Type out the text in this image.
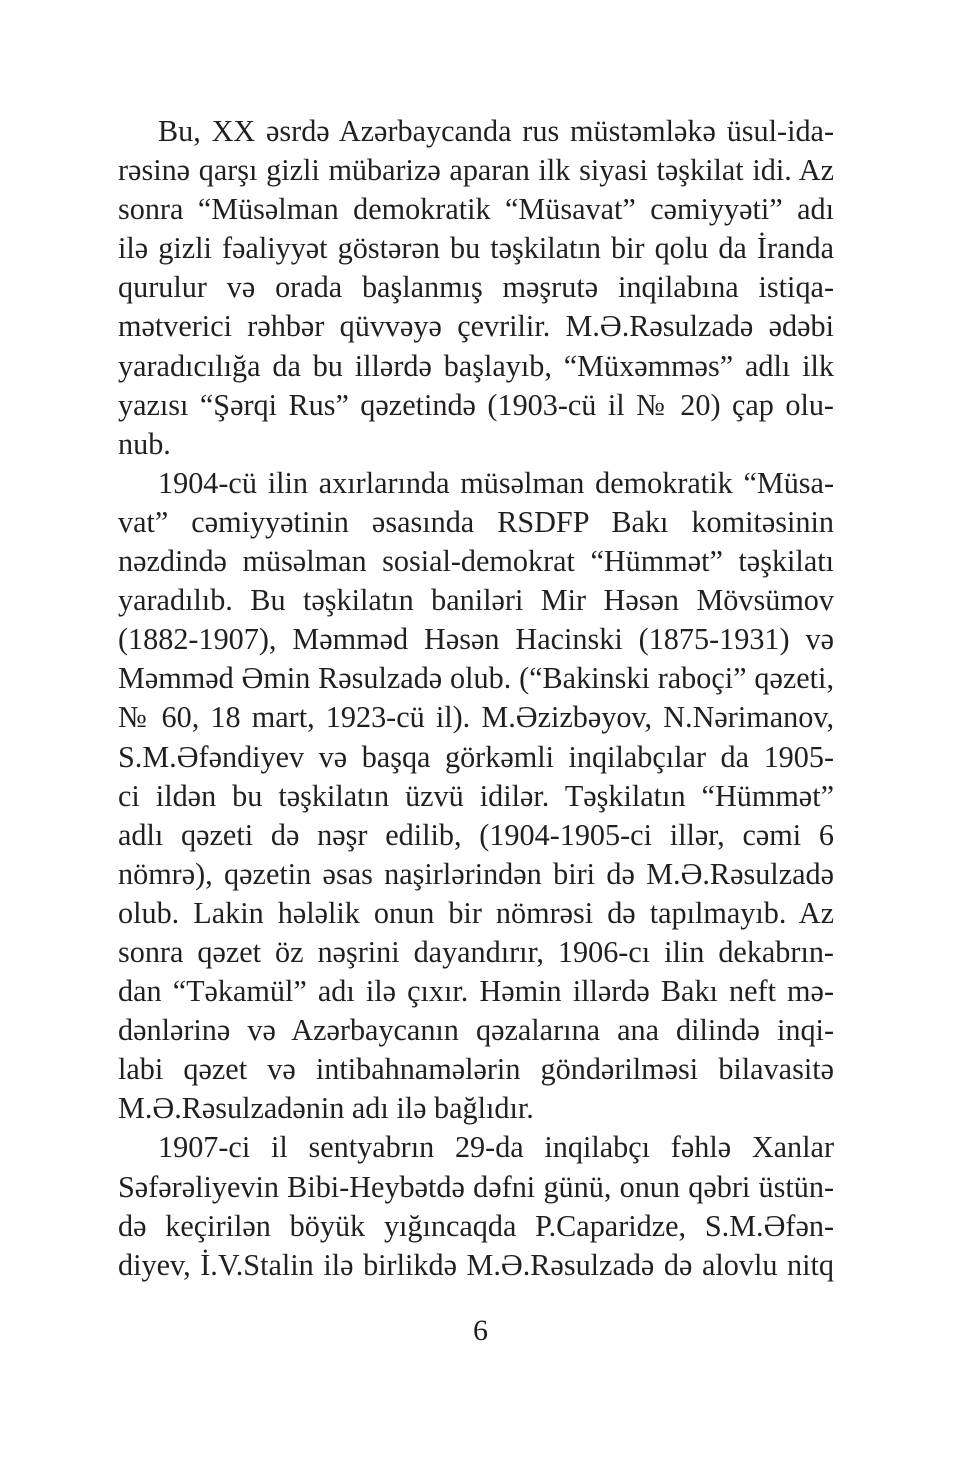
Bu, XX əsrdə Azərbaycanda rus müstəmləkə üsul-ida-
rəsinə qarşı gizli mübarizə aparan ilk siyasi təşkilat idi. Az
sonra “Müsəlman demokratik “Müsavat” cəmiyyəti” adı
ilə gizli fəaliyyət göstərən bu təşkilatın bir qolu da İranda
qurulur və orada başlanmış məşrutə inqilabına istiqa-
mətverici rəhbər qüvvəyə çevrilir. M.Ə.Rəsulzadə ədəbi
yaradıcılığa da bu illərdə başlayıb, “Müxəmməs” adlı ilk
yazısı “Şərqi Rus” qəzetində (1903-cü il № 20) çap olu-
nub.

1904-cü ilin axırlarında müsəlman demokratik “Müsa-
vat” cəmiyyətinin əsasında RSDFP Bakı komitəsinin
nəzdində müsəlman sosial-demokrat “Hümmət” təşkilatı
yaradılıb. Bu təşkilatın baniləri Mir Həsən Mövsümov
(1882-1907), Məmməd Həsən Hacinski (1875-1931) və
Məmməd Əmin Rəsulzadə olub. (“Bakinski raboçi” qəzeti,
№ 60, 18 mart, 1923-cü il). M.Əzizbəyov, N.Nərimanov,
S.M.Əfəndiyev və başqa görkəmli inqilabçılar da 1905-
ci ildən bu təşkilatın üzvü idilər. Təşkilatın “Hümmət”
adlı qəzeti də nəşr edilib, (1904-1905-ci illər, cəmi 6
nömrə), qəzetin əsas naşirlərindən biri də M.Ə.Rəsulzadə
olub. Lakin hələlik onun bir nömrəsi də tapılmayıb. Az
sonra qəzet öz nəşrini dayandırır, 1906-cı ilin dekabrın-
dan “Təkamül” adı ilə çıxır. Həmin illərdə Bakı neft mə-
dənlərinə və Azərbaycanın qəzalarına ana dilində inqi-
labi qəzet və intibahnamələrin göndərilməsi bilavasitə
M.Ə.Rəsulzadənin adı ilə bağlıdır.

1907-ci il sentyabrın 29-da inqilabçı fəhlə Xanlar
Səfərəliyevin Bibi-Heybətdə dəfni günü, onun qəbri üstün-
də keçirilən böyük yığıncaqda P.Caparidze, S.M.Əfən-
diyev, İ.V.Stalin ilə birlikdə M.Ə.Rəsulzadə də alovlu nitq

6
